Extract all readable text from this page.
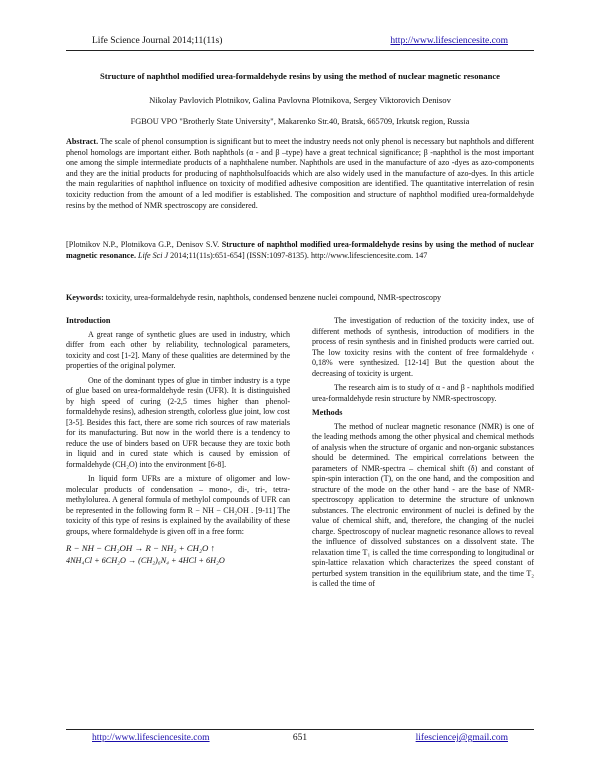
Life Science Journal 2014;11(11s)	http://www.lifesciencesite.com
Structure of naphthol modified urea-formaldehyde resins by using the method of nuclear magnetic resonance
Nikolay Pavlovich Plotnikov, Galina Pavlovna Plotnikova, Sergey Viktorovich Denisov
FGBOU VPO "Brotherly State University", Makarenko Str.40, Bratsk, 665709, Irkutsk region, Russia
Abstract. The scale of phenol consumption is significant but to meet the industry needs not only phenol is necessary but naphthols and different phenol homologs are important either. Both naphthols (α - and β –type) have a great technical significance; β -naphthol is the most important one among the simple intermediate products of a naphthalene number. Naphthols are used in the manufacture of azo -dyes as azo-components and they are the initial products for producing of naphtholsulfoacids which are also widely used in the manufacture of azo-dyes. In this article the main regularities of naphthol influence on toxicity of modified adhesive composition are identified. The quantitative interrelation of resin toxicity reduction from the amount of a led modifier is established. The composition and structure of naphthol modified urea-formaldehyde resins by the method of NMR spectroscopy are considered.
[Plotnikov N.P., Plotnikova G.P., Denisov S.V. Structure of naphthol modified urea-formaldehyde resins by using the method of nuclear magnetic resonance. Life Sci J 2014;11(11s):651-654] (ISSN:1097-8135). http://www.lifesciencesite.com. 147
Keywords: toxicity, urea-formaldehyde resin, naphthols, condensed benzene nuclei compound, NMR-spectroscopy
Introduction

A great range of synthetic glues are used in industry, which differ from each other by reliability, technological parameters, toxicity and cost [1-2]. Many of these qualities are determined by the properties of the original polymer.

One of the dominant types of glue in timber industry is a type of glue based on urea-formaldehyde resin (UFR). It is distinguished by high speed of curing (2-2,5 times higher than phenol-formaldehyde resins), adhesion strength, colorless glue joint, low cost [3-5]. Besides this fact, there are some rich sources of raw materials for its manufacturing. But now in the world there is a tendency to reduce the use of binders based on UFR because they are toxic both in liquid and in cured state which is caused by emission of formaldehyde (CH₂O) into the environment [6-8].

In liquid form UFRs are a mixture of oligomer and low-molecular products of condensation – mono-, di-, tri-, tetra- methylolurea. A general formula of methylol compounds of UFR can be represented in the following form R − NH − CH₂OH . [9-11] The toxicity of this type of resins is explained by the availability of these groups, where formaldehyde is given off in a free form:

R − NH − CH₂OH → R − NH₂ + CH₂O ↑
4NH₄Cl + 6CH₂O → (CH₂)₆N₄ + 4HCl + 6H₂O

The investigation of reduction of the toxicity index, use of different methods of synthesis, introduction of modifiers in the process of resin synthesis and in finished products were carried out. The low toxicity resins with the content of free formaldehyde ‹ 0,18% were synthesized. [12-14] But the question about the decreasing of toxicity is urgent.

The research aim is to study of α - and β - naphthols modified urea-formaldehyde resin structure by NMR-spectroscopy.

Methods

The method of nuclear magnetic resonance (NMR) is one of the leading methods among the other physical and chemical methods of analysis when the structure of organic and non-organic substances should be determined. The empirical correlations between the parameters of NMR-spectra – chemical shift (δ) and constant of spin-spin interaction (T), on the one hand, and the composition and structure of the mode on the other hand - are the base of NMR-spectroscopy application to determine the structure of unknown substances. The electronic environment of nuclei is defined by the value of chemical shift, and, therefore, the changing of the nuclei charge. Spectroscopy of nuclear magnetic resonance allows to reveal the influence of dissolved substances on a dissolvent state. The relaxation time T₁ is called the time corresponding to longitudinal or spin-lattice relaxation which characterizes the speed constant of perturbed system transition in the equilibrium state, and the time T₂ is called the time of

http://www.lifesciencesite.com	651	lifesciencej@gmail.com
